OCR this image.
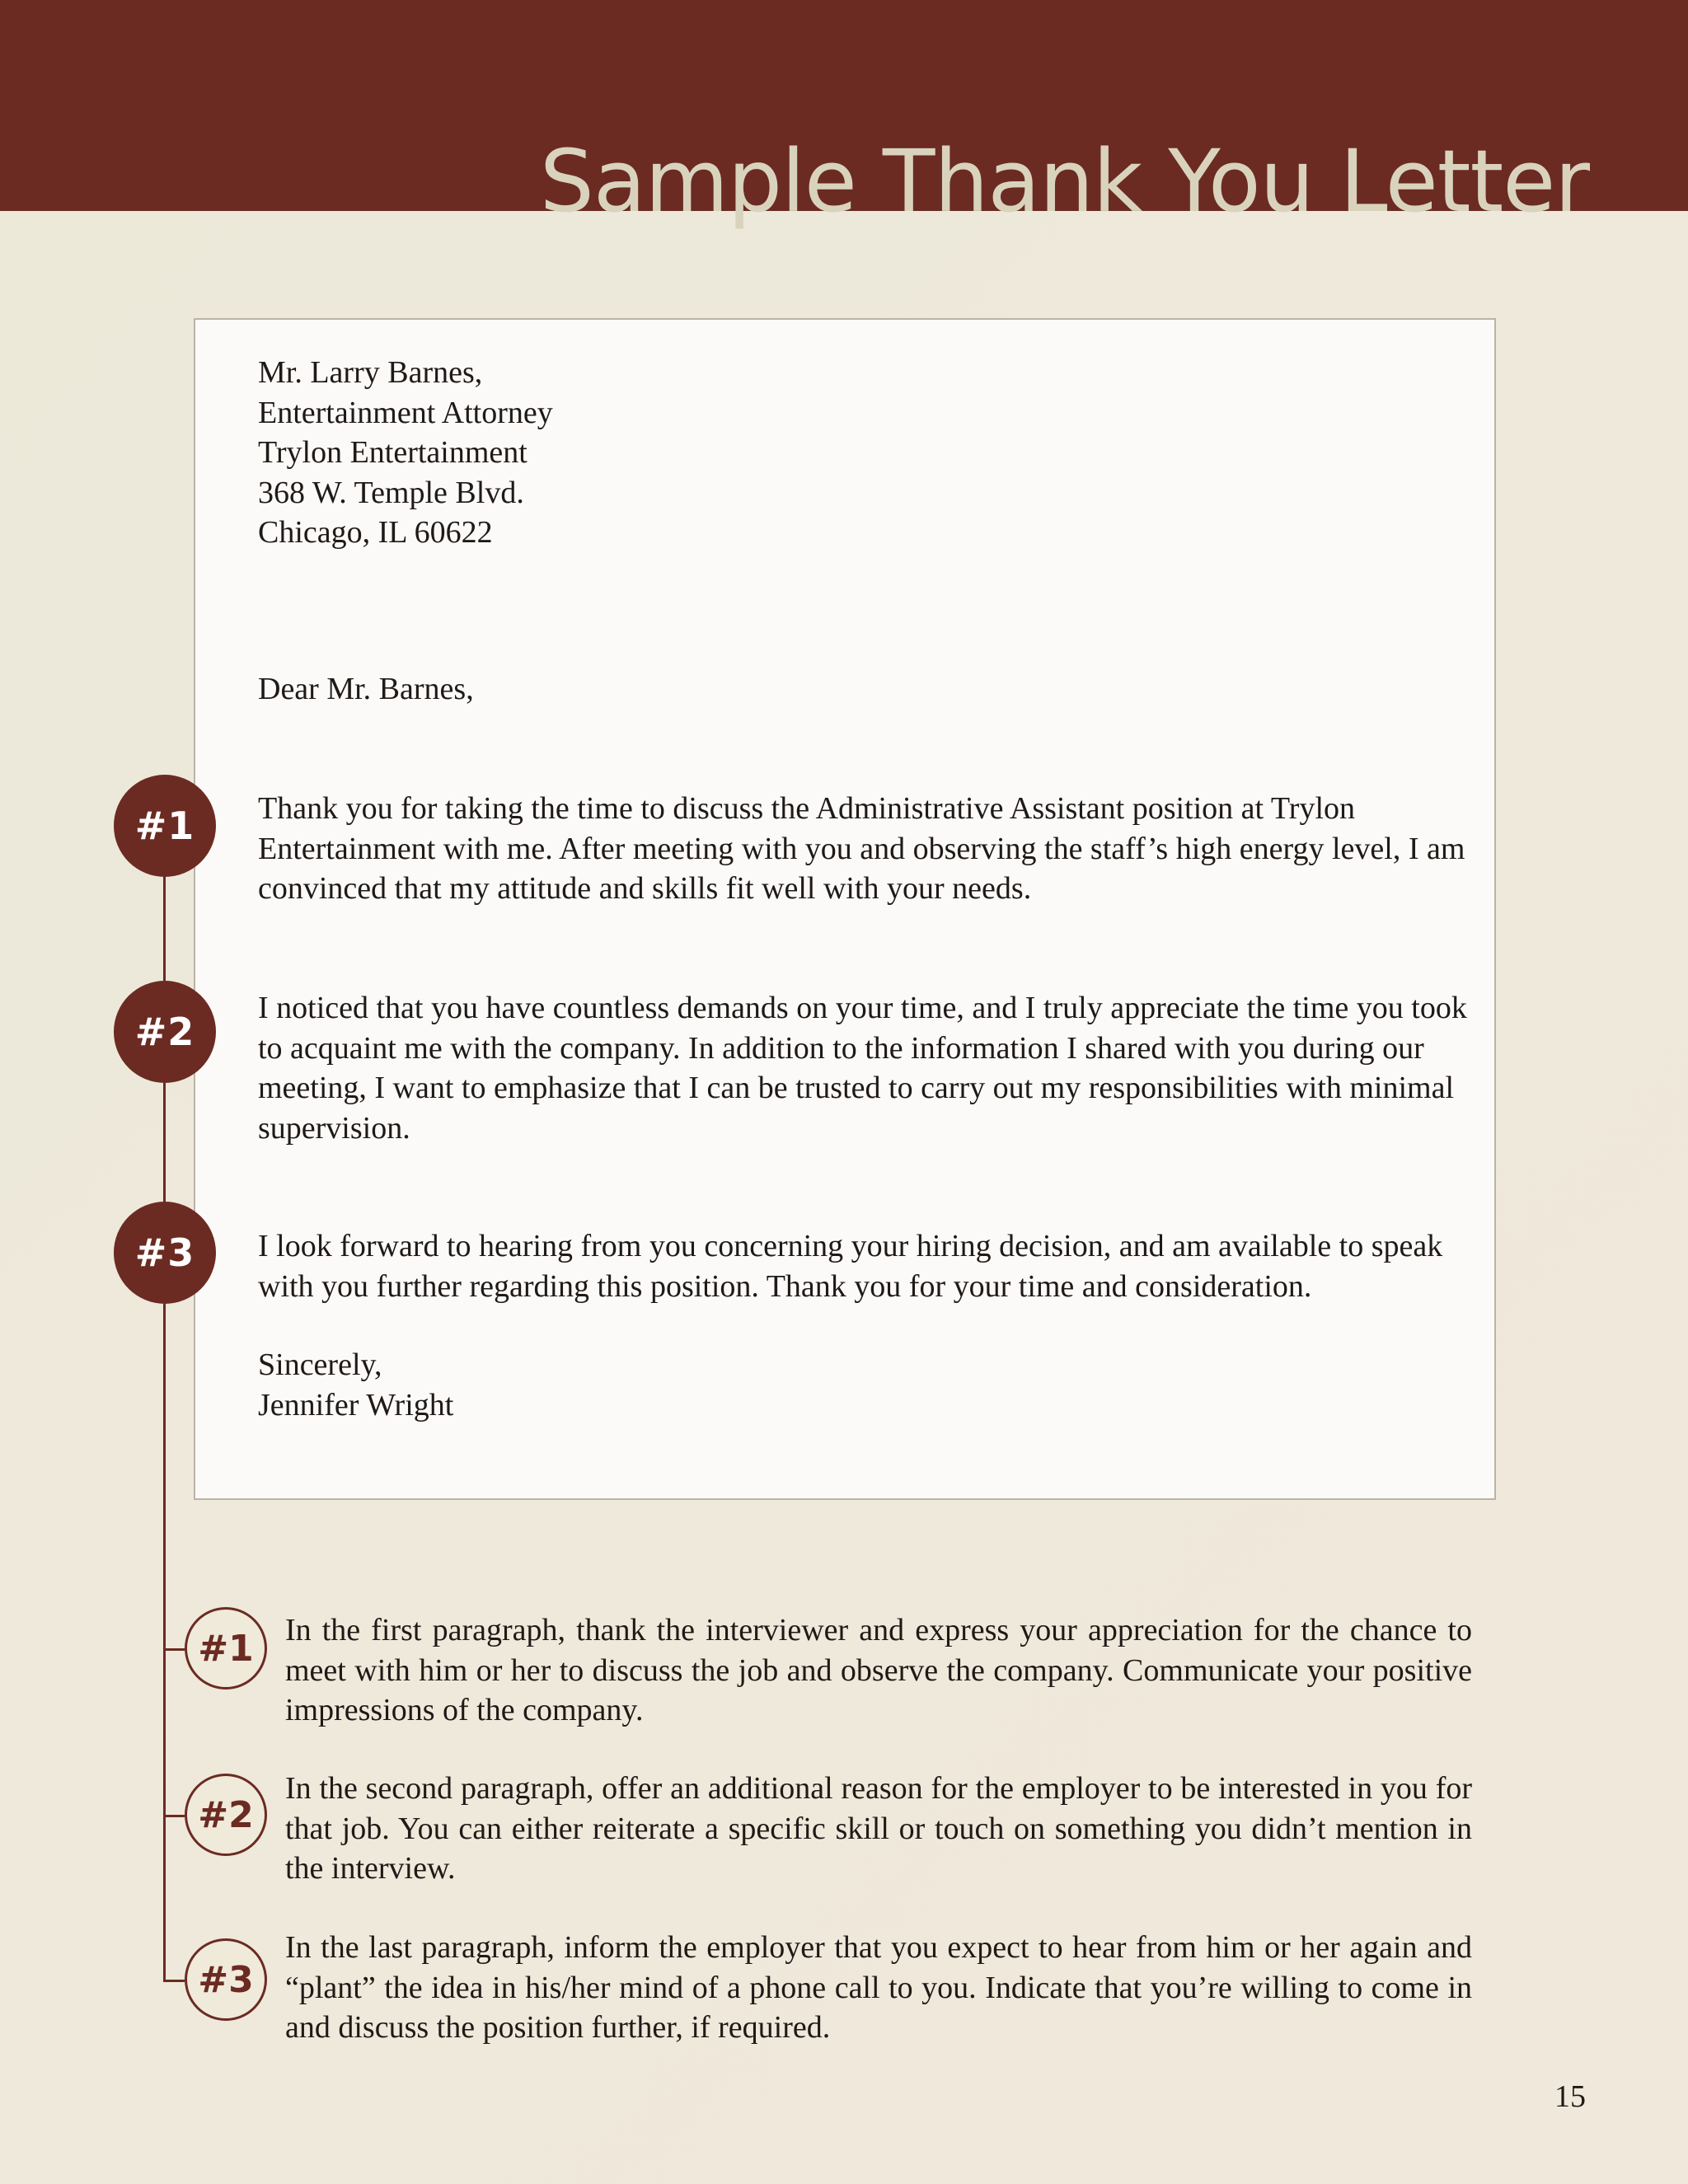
Sample Thank You Letter
Mr. Larry Barnes,
Entertainment Attorney
Trylon Entertainment
368 W. Temple Blvd.
Chicago, IL 60622
Dear Mr. Barnes,
Thank you for taking the time to discuss the Administrative Assistant position at Trylon Entertainment with me. After meeting with you and observing the staff’s high energy level, I am convinced that my attitude and skills fit well with your needs.
I noticed that you have countless demands on your time, and I truly appreciate the time you took to acquaint me with the company. In addition to the information I shared with you during our meeting, I want to emphasize that I can be trusted to carry out my responsibilities with minimal supervision.
I look forward to hearing from you concerning your hiring decision, and am available to speak with you further regarding this position. Thank you for your time and consideration.
Sincerely,
Jennifer Wright
#1
#2
#3
#1
#2
#3
In the first paragraph, thank the interviewer and express your appreciation for the chance to meet with him or her to discuss the job and observe the company. Communicate your positive impressions of the company.
In the second paragraph, offer an additional reason for the employer to be interested in you for that job. You can either reiterate a specific skill or touch on something you didn’t mention in the interview.
In the last paragraph, inform the employer that you expect to hear from him or her again and “plant” the idea in his/her mind of a phone call to you. Indicate that you’re willing to come in and discuss the position further, if required.
15
